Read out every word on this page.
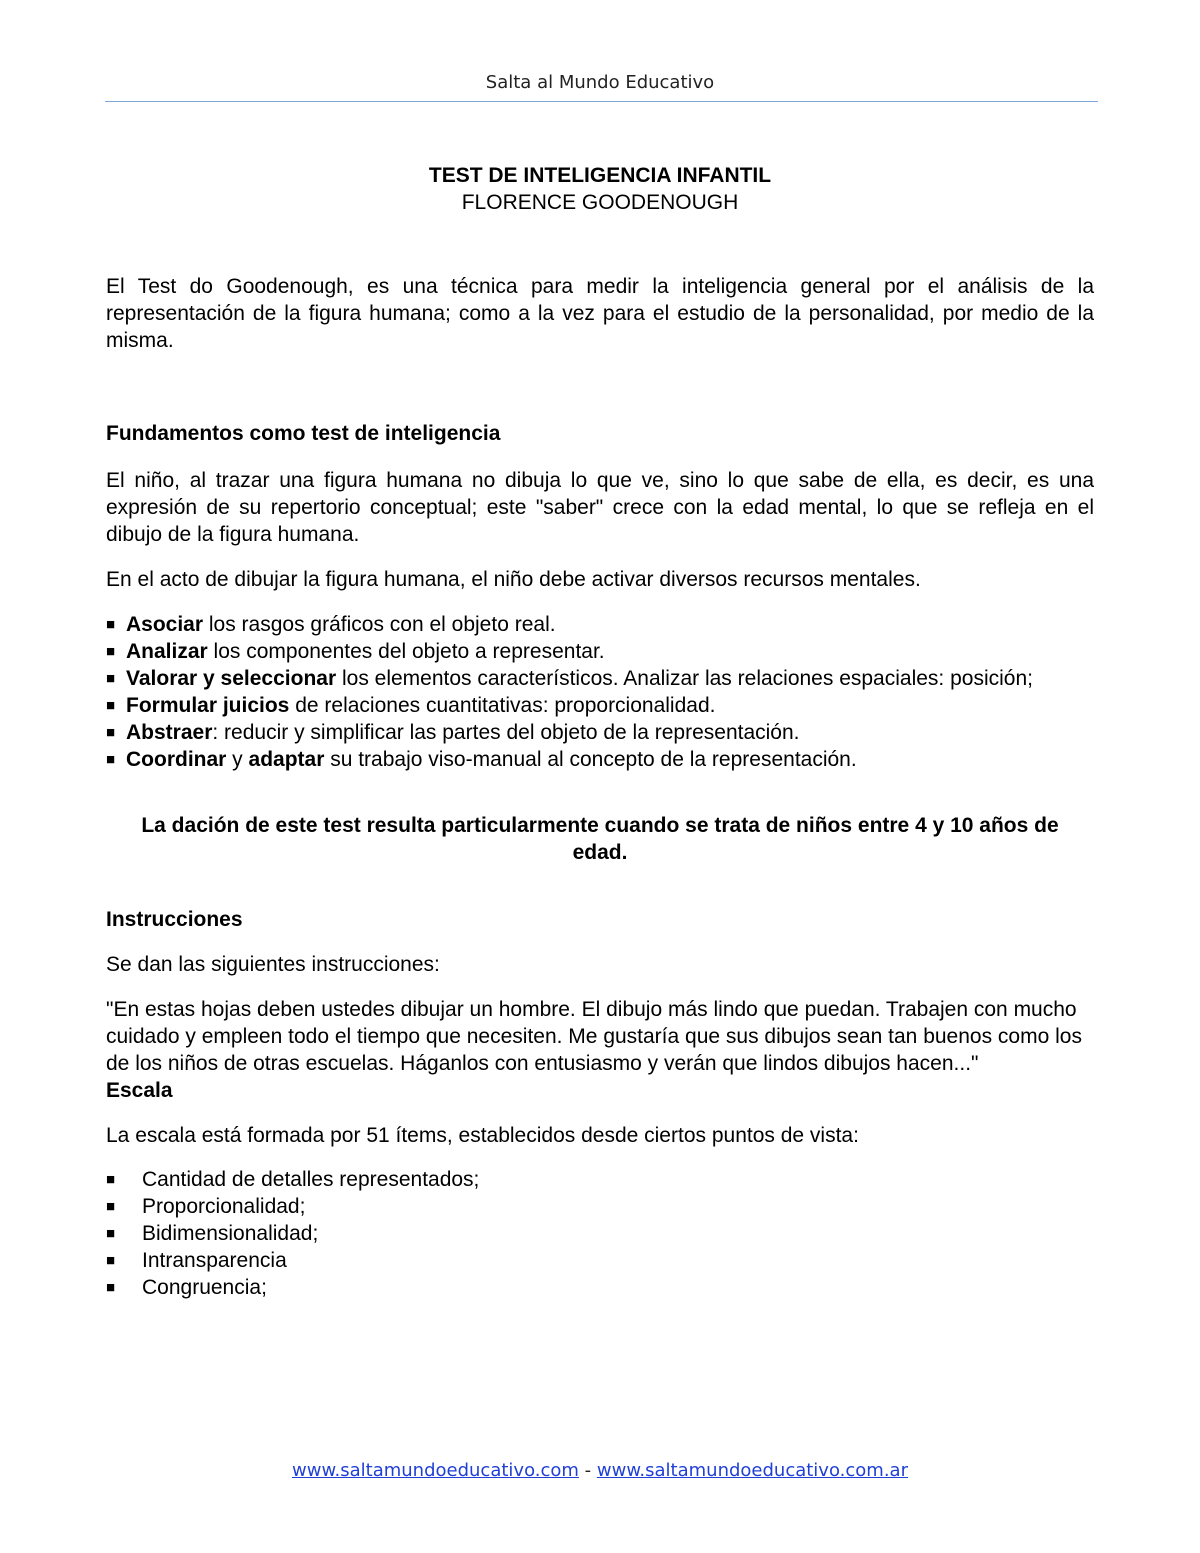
Salta al Mundo Educativo
TEST DE INTELIGENCIA INFANTIL
FLORENCE GOODENOUGH

El Test do Goodenough, es una técnica para medir la inteligencia general por el análisis de la representación de la figura humana; como a la vez para el estudio de la personalidad, por medio de la misma.

Fundamentos como test de inteligencia

El niño, al trazar una figura humana no dibuja lo que ve, sino lo que sabe de ella, es decir, es una expresión de su repertorio conceptual; este "saber" crece con la edad mental, lo que se refleja en el dibujo de la figura humana.

En el acto de dibujar la figura humana, el niño debe activar diversos recursos mentales.

■ Asociar los rasgos gráficos con el objeto real.
■ Analizar los componentes del objeto a representar.
■ Valorar y seleccionar los elementos característicos. Analizar las relaciones espaciales: posición;
■ Formular juicios de relaciones cuantitativas: proporcionalidad.
■ Abstraer: reducir y simplificar las partes del objeto de la representación.
■ Coordinar y adaptar su trabajo viso-manual al concepto de la representación.

La dación de este test resulta particularmente cuando se trata de niños entre 4 y 10 años de edad.

Instrucciones

Se dan las siguientes instrucciones:

"En estas hojas deben ustedes dibujar un hombre. El dibujo más lindo que puedan. Trabajen con mucho cuidado y empleen todo el tiempo que necesiten. Me gustaría que sus dibujos sean tan buenos como los de los niños de otras escuelas. Háganlos con entusiasmo y verán que lindos dibujos hacen..."

Escala

La escala está formada por 51 ítems, establecidos desde ciertos puntos de vista:

■ Cantidad de detalles representados;
■ Proporcionalidad;
■ Bidimensionalidad;
■ Intransparencia
■ Congruencia;
www.saltamundoeducativo.com - www.saltamundoeducativo.com.ar
